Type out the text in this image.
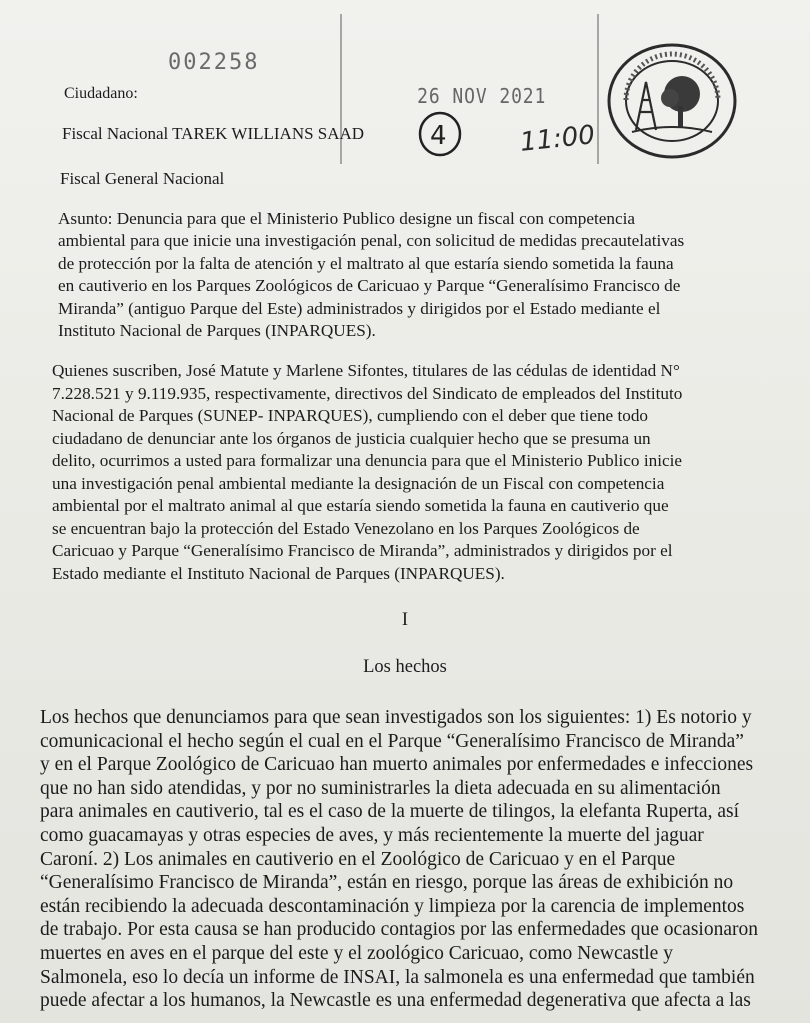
002258
26 NOV 2021
11:00
4
Ciudadano:
Fiscal Nacional TAREK WILLIANS SAAD
Fiscal General Nacional

Asunto: Denuncia para que el Ministerio Publico designe un fiscal con competencia

ambiental para que inicie una investigación penal, con solicitud de medidas precautelativas

de protección por la falta de atención y el maltrato al que estaría siendo sometida la fauna

en cautiverio en los Parques Zoológicos de Caricuao y Parque “Generalísimo Francisco de

Miranda” (antiguo Parque del Este) administrados y dirigidos por el Estado mediante el

Instituto Nacional de Parques (INPARQUES).

Quienes suscriben, José Matute y Marlene Sifontes, titulares de las cédulas de identidad N°

7.228.521 y 9.119.935, respectivamente, directivos del Sindicato de empleados del Instituto

Nacional de Parques (SUNEP- INPARQUES), cumpliendo con el deber que tiene todo

ciudadano de denunciar ante los órganos de justicia cualquier hecho que se presuma un

delito, ocurrimos a usted para formalizar una denuncia para que el Ministerio Publico inicie

una investigación penal ambiental mediante la designación de un Fiscal con competencia

ambiental por el maltrato animal al que estaría siendo sometida la fauna en cautiverio que

se encuentran bajo la protección del Estado Venezolano en los Parques Zoológicos de

Caricuao y Parque “Generalísimo Francisco de Miranda”, administrados y dirigidos por el

Estado mediante el Instituto Nacional de Parques (INPARQUES).

I
Los hechos

Los hechos que denunciamos para que sean investigados son los siguientes: 1) Es notorio y

comunicacional el hecho según el cual en el Parque “Generalísimo Francisco de Miranda”

y en el Parque Zoológico de Caricuao han muerto animales por enfermedades e infecciones

que no han sido atendidas, y por no suministrarles la dieta adecuada en su alimentación

para animales en cautiverio, tal es el caso de la muerte de tilingos, la elefanta Ruperta, así

como guacamayas y otras especies de aves, y más recientemente la muerte del jaguar

Caroní. 2) Los animales en cautiverio en el Zoológico de Caricuao y en el Parque

“Generalísimo Francisco de Miranda”, están en riesgo, porque las áreas de exhibición no

están recibiendo la adecuada descontaminación y limpieza por la carencia de implementos

de trabajo. Por esta causa se han producido contagios por las enfermedades que ocasionaron

muertes en aves en el parque del este y el zoológico Caricuao, como Newcastle y

Salmonela, eso lo decía un informe de INSAI, la salmonela es una enfermedad que también

puede afectar a los humanos, la Newcastle es una enfermedad degenerativa que afecta a las
